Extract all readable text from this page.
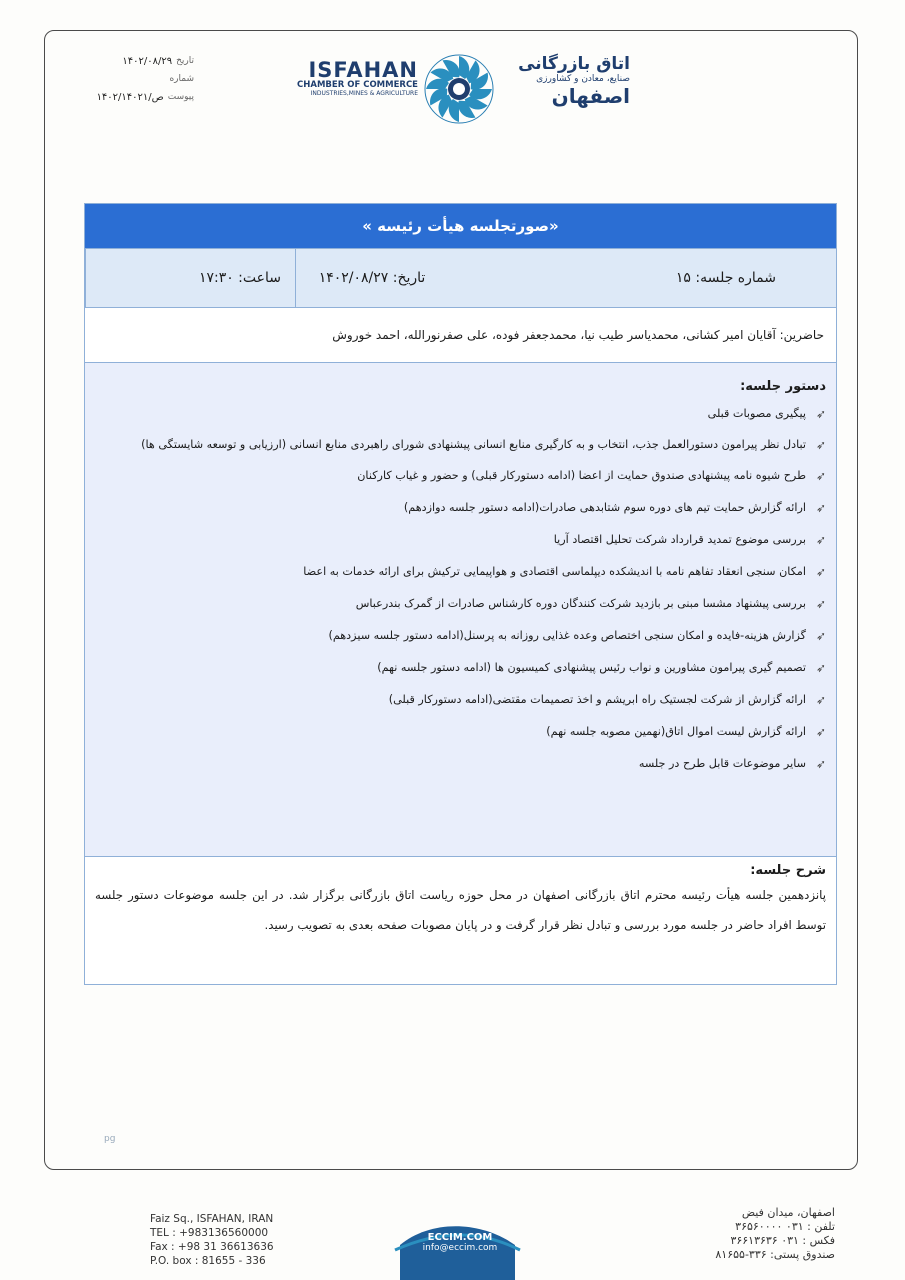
تاریخ
۱۴۰۲/۰۸/۲۹
شماره
پیوست
۱۴۰۲/ص/۱۴۰۲۱
ISFAHAN
CHAMBER OF COMMERCE
INDUSTRIES,MINES & AGRICULTURE
اتاق بازرگانی
صنایع، معادن و کشاورزی
اصفهان
«صورتجلسه هیأت رئیسه »
شماره جلسه: ۱۵
تاریخ: ۱۴۰۲/۰۸/۲۷
ساعت: ۱۷:۳۰
حاضرین: آقایان امیر کشانی، محمدیاسر طیب نیا، محمدجعفر فوده، علی صفرنورالله، احمد خوروش
دستور جلسه:
➶
پیگیری مصوبات قبلی
➶
تبادل نظر پیرامون دستورالعمل جذب، انتخاب و به کارگیری منابع انسانی پیشنهادی شورای راهبردی منابع انسانی (ارزیابی و توسعه شایستگی ها)
➶
طرح شیوه نامه پیشنهادی صندوق حمایت از اعضا (ادامه دستورکار قبلی) و حضور و غیاب کارکنان
➶
ارائه گزارش حمایت تیم های دوره سوم شتابدهی صادرات(ادامه دستور جلسه دوازدهم)
➶
بررسی موضوع تمدید قرارداد شرکت تحلیل اقتصاد آریا
➶
امکان سنجی انعقاد تفاهم نامه با اندیشکده دیپلماسی اقتصادی و هواپیمایی ترکیش برای ارائه خدمات به اعضا
➶
بررسی پیشنهاد مشسا مبنی بر بازدید شرکت کنندگان دوره کارشناس صادرات از گمرک بندرعباس
➶
گزارش هزینه-فایده و امکان سنجی اختصاص وعده غذایی روزانه به پرسنل(ادامه دستور جلسه سیزدهم)
➶
تصمیم گیری پیرامون مشاورین و نواب رئیس پیشنهادی کمیسیون ها (ادامه دستور جلسه نهم)
➶
ارائه گزارش از شرکت لجستیک راه ابریشم و اخذ تصمیمات مقتضی(ادامه دستورکار قبلی)
➶
ارائه گزارش لیست اموال اتاق(نهمین مصوبه جلسه نهم)
➶
سایر موضوعات قابل طرح در جلسه
شرح جلسه:

پانزدهمین جلسه هیأت رئیسه محترم اتاق بازرگانی اصفهان در محل حوزه ریاست اتاق بازرگانی برگزار شد. در این جلسه موضوعات دستور جلسه توسط افراد حاضر در جلسه مورد بررسی و تبادل نظر قرار گرفت و در پایان مصوبات صفحه بعدی به تصویب رسید.

pg
Faiz Sq., ISFAHAN, IRAN
TEL : +983136560000
Fax : +98 31 36613636
P.O. box : 81655 - 336
ECCIM.COM
info@eccim.com
اصفهان، میدان فیض
تلفن : ۰۳۱ ۳۶۵۶۰۰۰۰
فکس : ۰۳۱ ۳۶۶۱۳۶۳۶
صندوق پستی: ۳۳۶-۸۱۶۵۵
